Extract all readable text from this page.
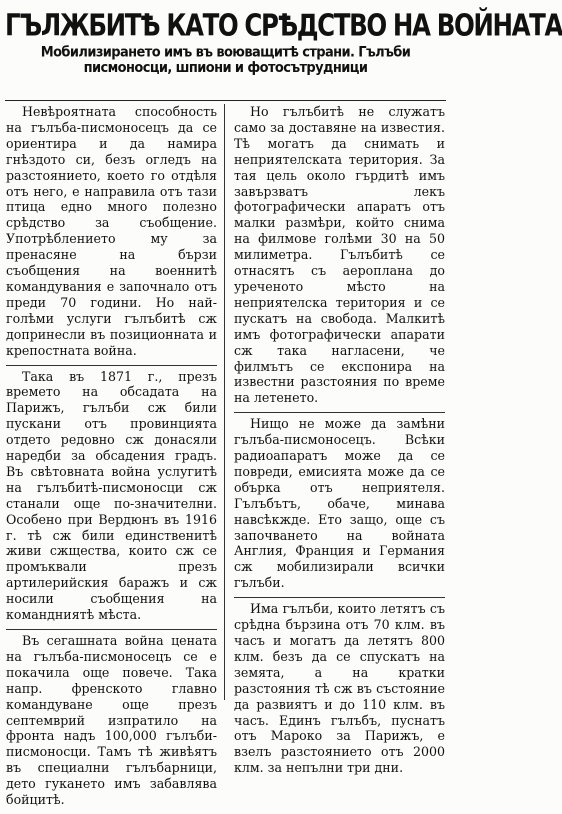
ГЪЛЖБИТѢ КАТО СРѢДСТВО НА ВОЙНАТА
Мобилизирането имъ въ воюващитѣ страни. Гълъби писмоносци, шпиони и фотосътрудници

Невѣроятната способность на гълъба-писмоносецъ да се ориентира и да намира гнѣздото си, безъ огледъ на разстоянието, което го отдѣля отъ него, е направила отъ тази птица едно много полезно срѣдство за съобщение. Употрѣблението му за пренасяне на бързи съобщения на военнитѣ командувания е започнало отъ преди 70 години. Но най-голѣми услуги гълъбитѣ сж допринесли въ позиционната и крепостната война.

Така въ 1871 г., презъ времето на обсадата на Парижъ, гълъби сж били пускани отъ провинцията отдето редовно сж донасяли наредби за обсадения градъ. Въ свѣтовната война услугитѣ на гълъбитѣ-писмоносци сж станали още по-значителни. Особено при Вердюнъ въ 1916 г. тѣ сж били единственитѣ живи сжщества, които сж се промъквали презъ артилерийския баражъ и сж носили съобщения на командниятѣ мѣста.

Въ сегашната война цената на гълъба-писмоносецъ се е покачила още повече. Така напр. френското главно командуване още презъ септемврий изпратило на фронта надъ 100,000 гълъби-писмоносци. Тамъ тѣ живѣятъ въ специални гълъбарници, дето гукането имъ забавлява бойцитѣ.

Но гълъбитѣ не служатъ само за доставяне на известия. Тѣ могатъ да снимать и неприятелската територия. За тая цель около гърдитѣ имъ завързватъ лекъ фотографически апаратъ отъ малки размѣри, който снима на филмове голѣми 30 на 50 милиметра. Гълъбитѣ се отнасятъ съ аероплана до уреченото мѣсто на неприятелска територия и се пускатъ на свобода. Малкитѣ имъ фотографически апарати сж така нагласени, че филмътъ се експонира на известни разстояния по време на летенето.

Нищо не може да замѣни гълъба-писмоносецъ. Всѣки радиоапаратъ може да се повреди, емисията може да се обърка отъ неприятеля. Гълъбътъ, обаче, минава навсѣкжде. Ето защо, още съ започването на войната Англия, Франция и Германия сж мобилизирали всички гълъби.

Има гълъби, които летятъ съ срѣдна бързина отъ 70 клм. въ часъ и могатъ да летятъ 800 клм. безъ да се спускатъ на земята, а на кратки разстояния тѣ сж въ състояние да развиятъ и до 110 клм. въ часъ. Единъ гълъбъ, пуснатъ отъ Мароко за Парижъ, е взелъ разстоянието отъ 2000 клм. за непълни три дни.
